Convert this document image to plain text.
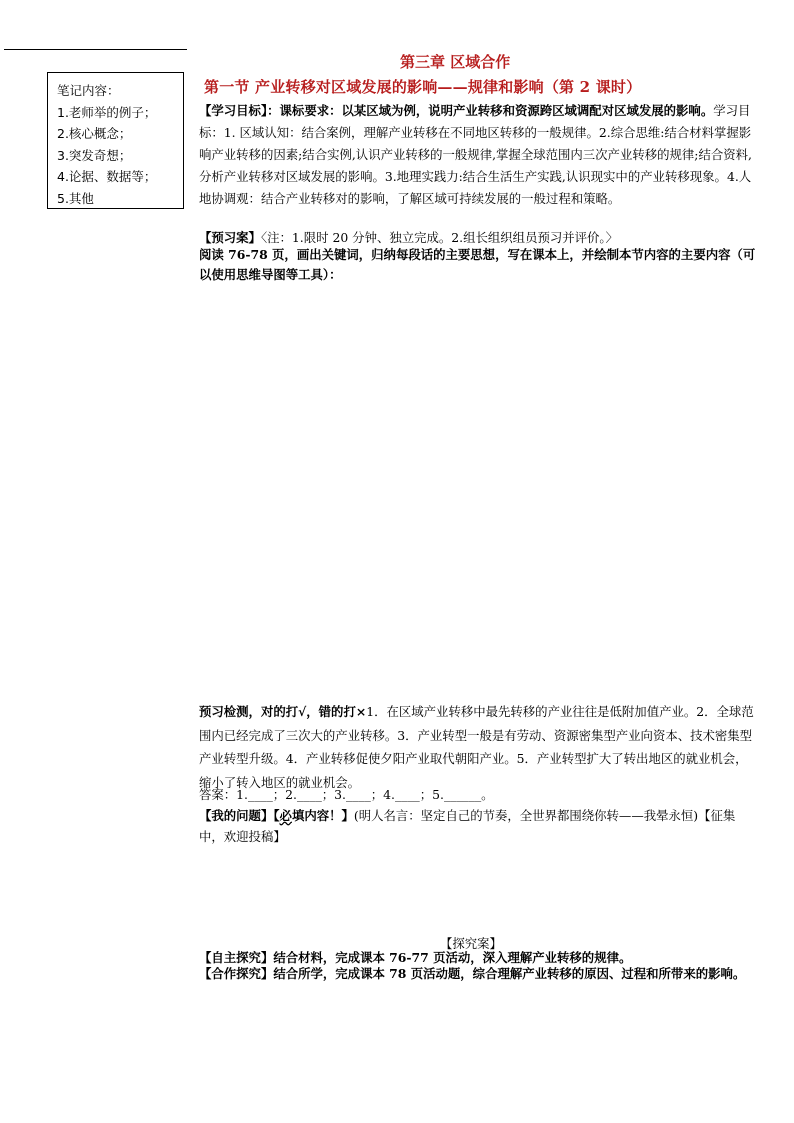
笔记内容：
1.老师举的例子；
2.核心概念；
3.突发奇想；
4.论据、数据等；
5.其他
第三章 区域合作
第一节 产业转移对区域发展的影响——规律和影响（第 2 课时）
【学习目标】：课标要求：以某区域为例，说明产业转移和资源跨区域调配对区域发展的影响。学习目标：1. 区域认知：结合案例，理解产业转移在不同地区转移的一般规律。2.综合思维:结合材料掌握影响产业转移的因素;结合实例,认识产业转移的一般规律,掌握全球范围内三次产业转移的规律;结合资料,分析产业转移对区域发展的影响。3.地理实践力:结合生活生产实践,认识现实中的产业转移现象。4.人地协调观：结合产业转移对的影响，了解区域可持续发展的一般过程和策略。
【预习案】〈注：1.限时 20 分钟、独立完成。2.组长组织组员预习并评价。〉
阅读 76-78 页，画出关键词，归纳每段话的主要思想，写在课本上，并绘制本节内容的主要内容（可以使用思维导图等工具）：
预习检测，对的打√，错的打×1．在区域产业转移中最先转移的产业往往是低附加值产业。2．全球范围内已经完成了三次大的产业转移。3．产业转型一般是有劳动、资源密集型产业向资本、技术密集型产业转型升级。4．产业转移促使夕阳产业取代朝阳产业。5．产业转型扩大了转出地区的就业机会，缩小了转入地区的就业机会。
答案：1.____；2.____；3.____；4.____；5.______。
【我的问题】【必填内容！】(明人名言：坚定自己的节奏，全世界都围绕你转——我晕永恒)【征集中，欢迎投稿】
【探究案】
【自主探究】结合材料，完成课本 76-77 页活动，深入理解产业转移的规律。
【合作探究】结合所学，完成课本 78 页活动题，综合理解产业转移的原因、过程和所带来的影响。
